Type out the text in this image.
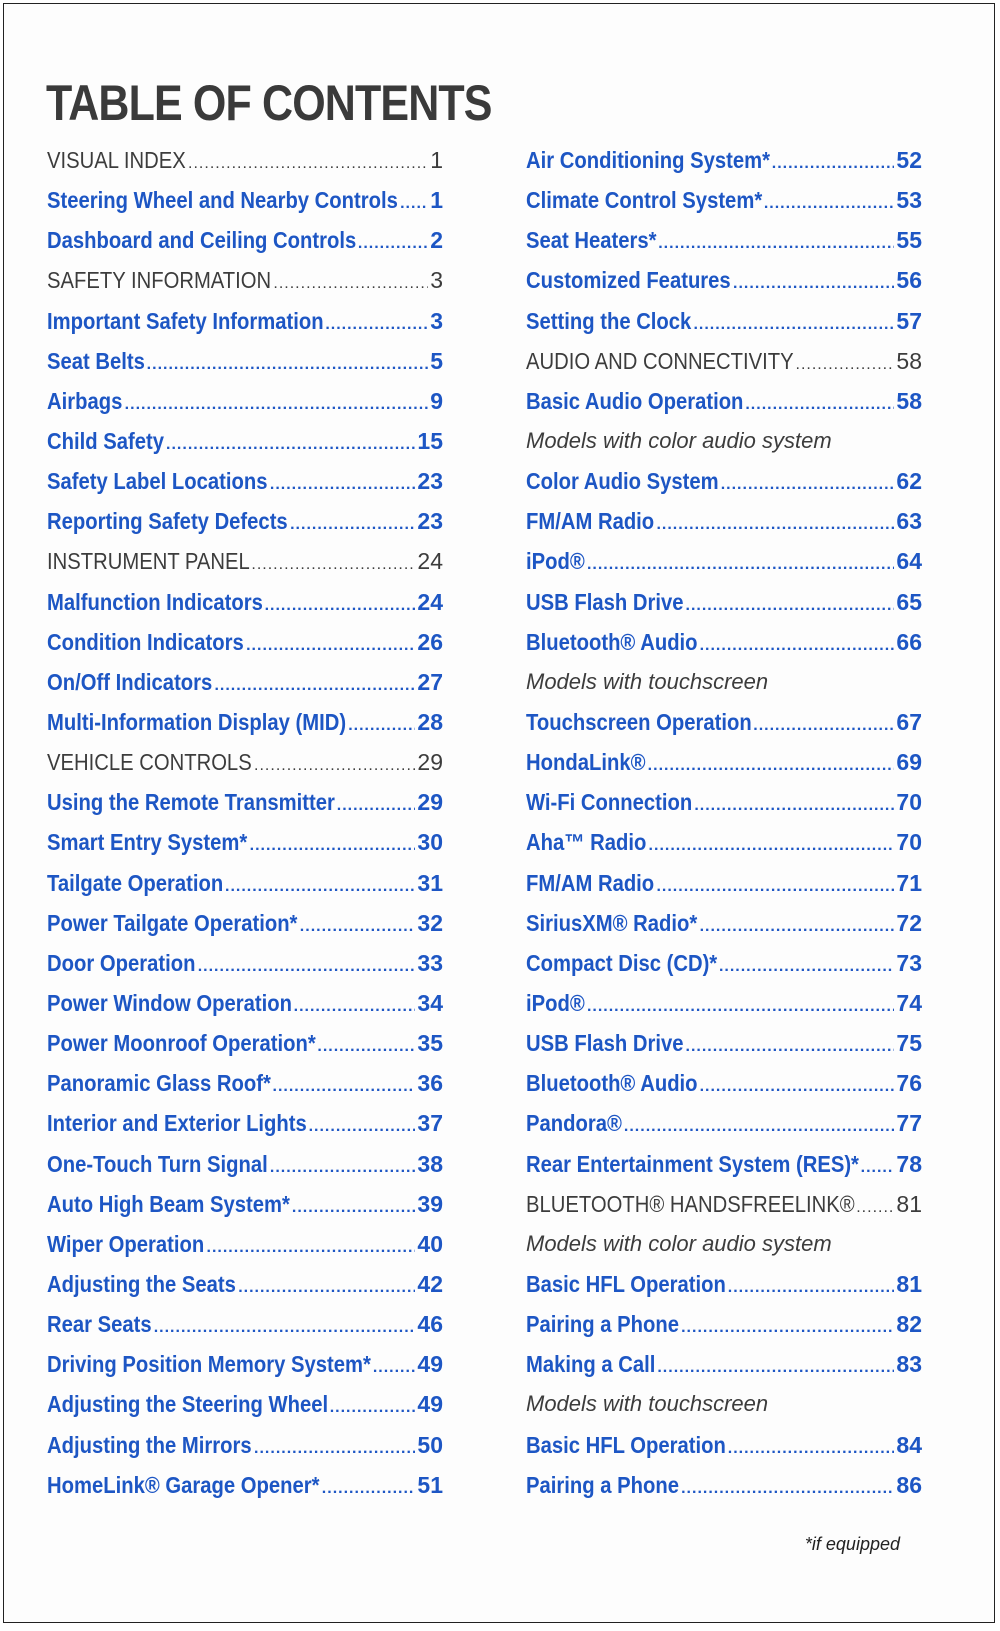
TABLE OF CONTENTS
VISUAL INDEX .....	1
Steering Wheel and Nearby Controls ..... 1
Dashboard and Ceiling Controls .....	2
SAFETY INFORMATION .....	3
Important Safety Information .....	3
Seat Belts .....	5
Airbags .....	9
Child Safety .....	15
Safety Label Locations .....	23
Reporting Safety Defects .....	23
INSTRUMENT PANEL .....	24
Malfunction Indicators .....	24
Condition Indicators .....	26
On/Off Indicators .....	27
Multi-Information Display (MID) .....	28
VEHICLE CONTROLS .....	29
Using the Remote Transmitter .....	29
Smart Entry System* .....	30
Tailgate Operation .....	31
Power Tailgate Operation* .....	32
Door Operation .....	33
Power Window Operation .....	34
Power Moonroof Operation* .....	35
Panoramic Glass Roof* .....	36
Interior and Exterior Lights .....	37
One-Touch Turn Signal .....	38
Auto High Beam System* .....	39
Wiper Operation .....	40
Adjusting the Seats .....	42
Rear Seats .....	46
Driving Position Memory System* ..... 49
Adjusting the Steering Wheel .....	49
Adjusting the Mirrors .....	50
HomeLink® Garage Opener* .....	51
Air Conditioning System* .....	52
Climate Control System* .....	53
Seat Heaters* .....	55
Customized Features .....	56
Setting the Clock .....	57
AUDIO AND CONNECTIVITY .....	58
Basic Audio Operation .....	58
Models with color audio system
Color Audio System .....	62
FM/AM Radio .....	63
iPod® .....	64
USB Flash Drive .....	65
Bluetooth® Audio .....	66
Models with touchscreen
Touchscreen Operation .....	67
HondaLink® .....	69
Wi-Fi Connection .....	70
Aha™ Radio .....	70
FM/AM Radio .....	71
SiriusXM® Radio* .....	72
Compact Disc (CD)* .....	73
iPod® .....	74
USB Flash Drive .....	75
Bluetooth® Audio .....	76
Pandora® .....	77
Rear Entertainment System (RES)* ..... 78
BLUETOOTH® HANDSFREELINK® ..... 81
Models with color audio system
Basic HFL Operation .....	81
Pairing a Phone .....	82
Making a Call .....	83
Models with touchscreen
Basic HFL Operation .....	84
Pairing a Phone .....	86
*if equipped
